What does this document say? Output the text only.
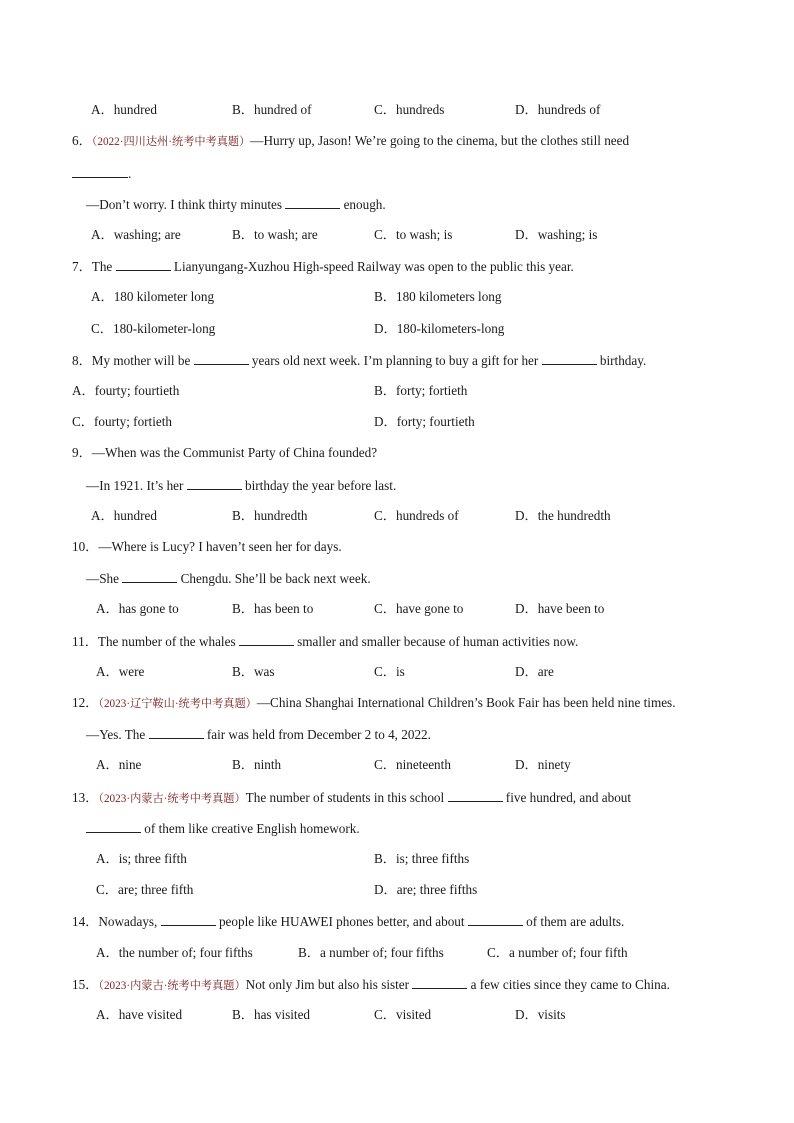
A．hundred	B．hundred of	C．hundreds	D．hundreds of
6．（2022·四川达州·统考中考真题）—Hurry up, Jason! We’re going to the cinema, but the clothes still need
.
—Don’t worry. I think thirty minutes	enough.
A．washing; are	B．to wash; are	C．to wash; is	D．washing; is
7．The	Lianyungang-Xuzhou High-speed Railway was open to the public this year.
A．180 kilometer long	B．180 kilometers long
C．180-kilometer-long	D．180-kilometers-long
8．My mother will be	years old next week. I’m planning to buy a gift for her	birthday.
A．fourty; fourtieth	B．forty; fortieth
C．fourty; fortieth	D．forty; fourtieth
9．—When was the Communist Party of China founded?
—In 1921. It’s her	birthday the year before last.
A．hundred	B．hundredth	C．hundreds of	D．the hundredth
10．—Where is Lucy? I haven’t seen her for days.
—She	Chengdu. She’ll be back next week.
A．has gone to	B．has been to	C．have gone to	D．have been to
11．The number of the whales	smaller and smaller because of human activities now.
A．were	B．was	C．is	D．are
12．（2023·辽宁鞍山·统考中考真题）—China Shanghai International Children’s Book Fair has been held nine times.
—Yes. The	fair was held from December 2 to 4, 2022.
A．nine	B．ninth	C．nineteenth	D．ninety
13．（2023·内蒙古·统考中考真题）The number of students in this school	five hundred, and about
of them like creative English homework.
A．is; three fifth	B．is; three fifths
C．are; three fifth	D．are; three fifths
14．Nowadays,	people like HUAWEI phones better, and about	of them are adults.
A．the number of; four fifths	B．a number of; four fifths	C．a number of; four fifth
15．（2023·内蒙古·统考中考真题）Not only Jim but also his sister	a few cities since they came to China.
A．have visited	B．has visited	C．visited	D．visits
